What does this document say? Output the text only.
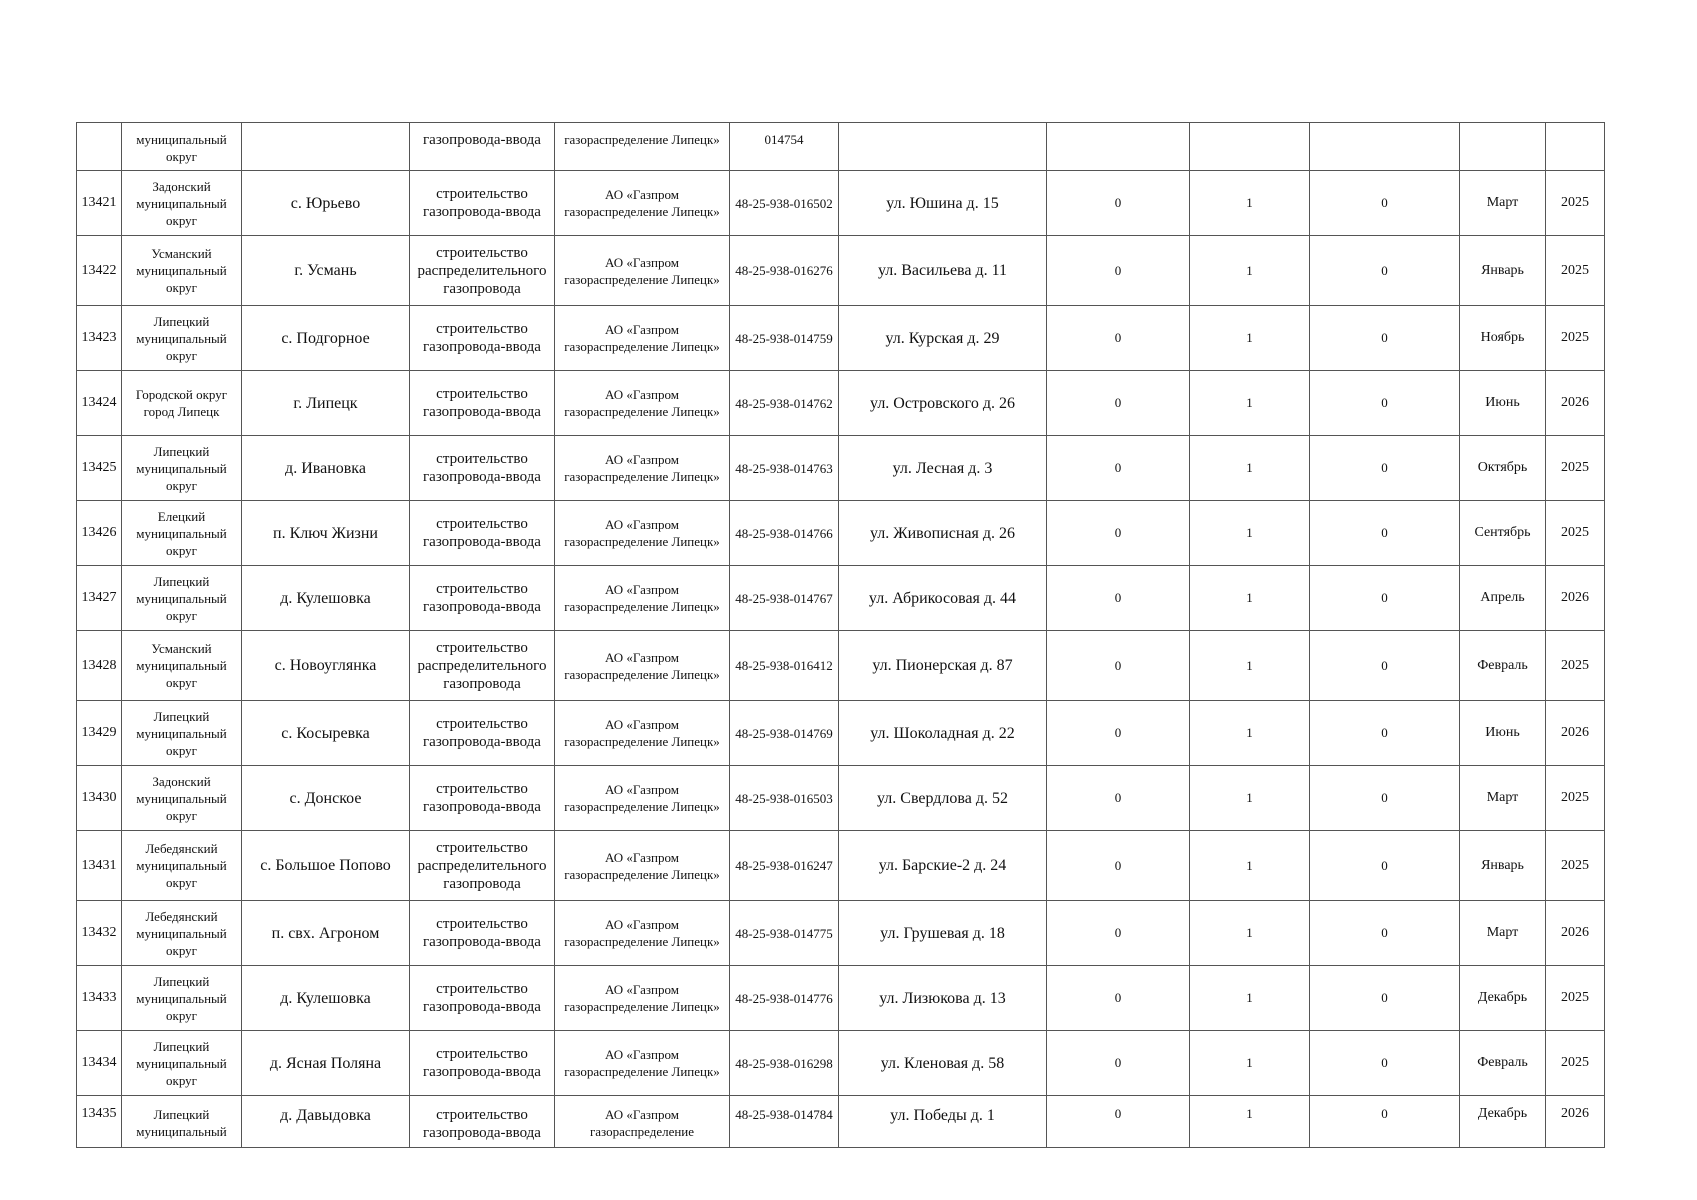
	муниципальный округ		газопровода-ввода	газораспределение Липецк»	014754						
13421	Задонский муниципальный округ	с. Юрьево	строительство газопровода-ввода	АО «Газпром газораспределение Липецк»	48-25-938-016502	ул. Юшина д. 15	0	1	0	Март	2025
13422	Усманский муниципальный округ	г. Усмань	строительство распределительного газопровода	АО «Газпром газораспределение Липецк»	48-25-938-016276	ул. Васильева д. 11	0	1	0	Январь	2025
13423	Липецкий муниципальный округ	с. Подгорное	строительство газопровода-ввода	АО «Газпром газораспределение Липецк»	48-25-938-014759	ул. Курская д. 29	0	1	0	Ноябрь	2025
13424	Городской округ город Липецк	г. Липецк	строительство газопровода-ввода	АО «Газпром газораспределение Липецк»	48-25-938-014762	ул. Островского д. 26	0	1	0	Июнь	2026
13425	Липецкий муниципальный округ	д. Ивановка	строительство газопровода-ввода	АО «Газпром газораспределение Липецк»	48-25-938-014763	ул. Лесная д. 3	0	1	0	Октябрь	2025
13426	Елецкий муниципальный округ	п. Ключ Жизни	строительство газопровода-ввода	АО «Газпром газораспределение Липецк»	48-25-938-014766	ул. Живописная д. 26	0	1	0	Сентябрь	2025
13427	Липецкий муниципальный округ	д. Кулешовка	строительство газопровода-ввода	АО «Газпром газораспределение Липецк»	48-25-938-014767	ул. Абрикосовая д. 44	0	1	0	Апрель	2026
13428	Усманский муниципальный округ	с. Новоуглянка	строительство распределительного газопровода	АО «Газпром газораспределение Липецк»	48-25-938-016412	ул. Пионерская д. 87	0	1	0	Февраль	2025
13429	Липецкий муниципальный округ	с. Косыревка	строительство газопровода-ввода	АО «Газпром газораспределение Липецк»	48-25-938-014769	ул. Шоколадная д. 22	0	1	0	Июнь	2026
13430	Задонский муниципальный округ	с. Донское	строительство газопровода-ввода	АО «Газпром газораспределение Липецк»	48-25-938-016503	ул. Свердлова д. 52	0	1	0	Март	2025
13431	Лебедянский муниципальный округ	с. Большое Попово	строительство распределительного газопровода	АО «Газпром газораспределение Липецк»	48-25-938-016247	ул. Барские-2 д. 24	0	1	0	Январь	2025
13432	Лебедянский муниципальный округ	п. свх. Агроном	строительство газопровода-ввода	АО «Газпром газораспределение Липецк»	48-25-938-014775	ул. Грушевая д. 18	0	1	0	Март	2026
13433	Липецкий муниципальный округ	д. Кулешовка	строительство газопровода-ввода	АО «Газпром газораспределение Липецк»	48-25-938-014776	ул. Лизюкова д. 13	0	1	0	Декабрь	2025
13434	Липецкий муниципальный округ	д. Ясная Поляна	строительство газопровода-ввода	АО «Газпром газораспределение Липецк»	48-25-938-016298	ул. Кленовая д. 58	0	1	0	Февраль	2025
13435	Липецкий муниципальный	д. Давыдовка	строительство газопровода-ввода	АО «Газпром газораспределение	48-25-938-014784	ул. Победы д. 1	0	1	0	Декабрь	2026
